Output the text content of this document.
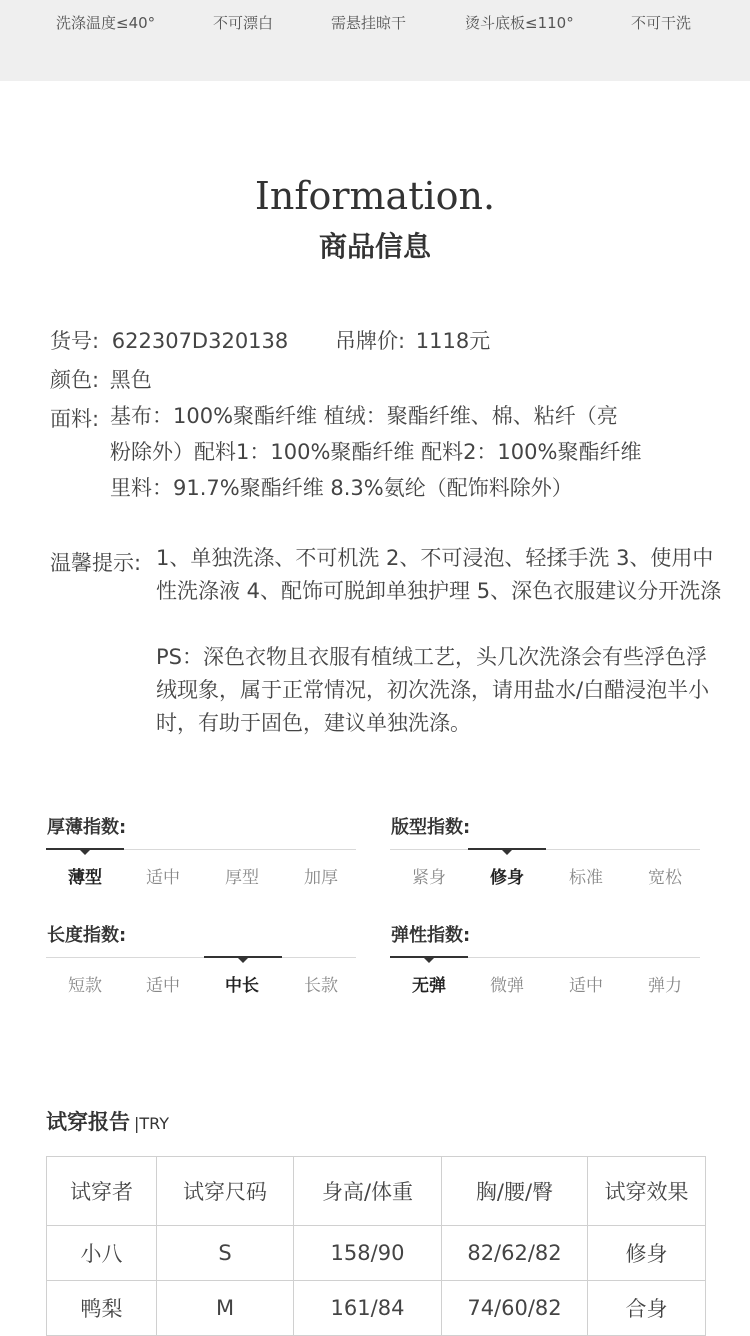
洗涤温度≤40°	不可漂白	需悬挂晾干	烫斗底板≤110°	不可干洗
Information.
商品信息
货号: 622307D320138 吊牌价: 1118元
颜色: 黑色
面料: 基布：100%聚酯纤维 植绒：聚酯纤维、棉、粘纤（亮
粉除外）配料1：100%聚酯纤维 配料2：100%聚酯纤维
里料：91.7%聚酯纤维 8.3%氨纶（配饰料除外）
温馨提示: 1、单独洗涤、不可机洗 2、不可浸泡、轻揉手洗 3、使用中
性洗涤液 4、配饰可脱卸单独护理 5、深色衣服建议分开洗涤
PS：深色衣物且衣服有植绒工艺，头几次洗涤会有些浮色浮
绒现象，属于正常情况，初次洗涤，请用盐水/白醋浸泡半小
时，有助于固色，建议单独洗涤。
厚薄指数:
薄型	适中	厚型	加厚
版型指数:
紧身	修身	标准	宽松
长度指数:
短款	适中	中长	长款
弹性指数:
无弹	微弹	适中	弹力
试穿报告 |TRY
试穿者	试穿尺码	身高/体重	胸/腰/臀	试穿效果
小八	S	158/90	82/62/82	修身
鸭梨	M	161/84	74/60/82	合身
